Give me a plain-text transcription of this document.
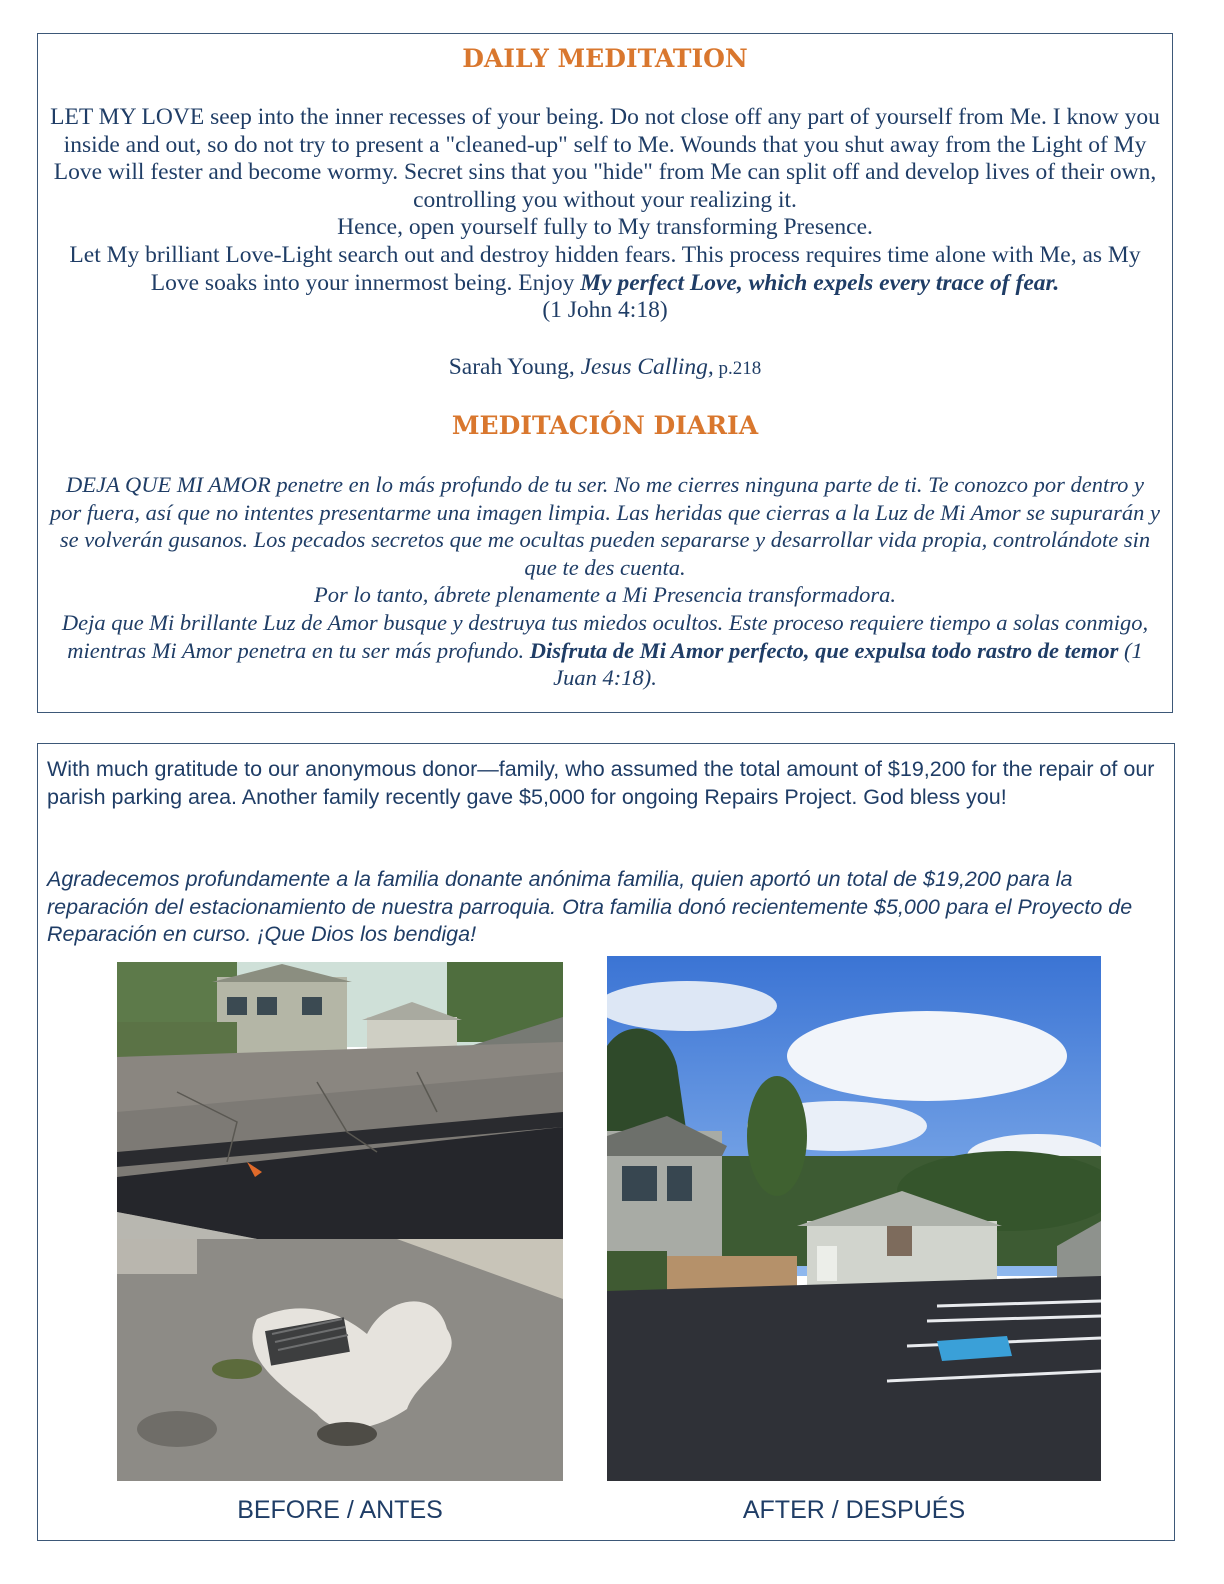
DAILY MEDITATION

LET MY LOVE seep into the inner recesses of your being. Do not close off any part of yourself from Me. I know you inside and out, so do not try to present a "cleaned-up" self to Me. Wounds that you shut away from the Light of My Love will fester and become wormy. Secret sins that you "hide" from Me can split off and develop lives of their own, controlling you without your realizing it.

Hence, open yourself fully to My transforming Presence.

Let My brilliant Love-Light search out and destroy hidden fears. This process requires time alone with Me, as My Love soaks into your innermost being. Enjoy My perfect Love, which expels every trace of fear.

(1 John 4:18)

Sarah Young, Jesus Calling, p.218
MEDITACIÓN DIARIA

DEJA QUE MI AMOR penetre en lo más profundo de tu ser. No me cierres ninguna parte de ti. Te conozco por dentro y por fuera, así que no intentes presentarme una imagen limpia. Las heridas que cierras a la Luz de Mi Amor se supurarán y se volverán gusanos. Los pecados secretos que me ocultas pueden separarse y desarrollar vida propia, controlándote sin que te des cuenta.

Por lo tanto, ábrete plenamente a Mi Presencia transformadora.

Deja que Mi brillante Luz de Amor busque y destruya tus miedos ocultos. Este proceso requiere tiempo a solas conmigo, mientras Mi Amor penetra en tu ser más profundo. Disfruta de Mi Amor perfecto, que expulsa todo rastro de temor (1 Juan 4:18).

With much gratitude to our anonymous donor—family, who assumed the total amount of $19,200 for the repair of our parish parking area. Another family recently gave $5,000 for ongoing Repairs Project. God bless you!
Agradecemos profundamente a la familia donante anónima familia, quien aportó un total de $19,200 para la reparación del estacionamiento de nuestra parroquia. Otra familia donó recientemente $5,000 para el Proyecto de Reparación en curso. ¡Que Dios los bendiga!
BEFORE / ANTES	AFTER / DESPUÉS
